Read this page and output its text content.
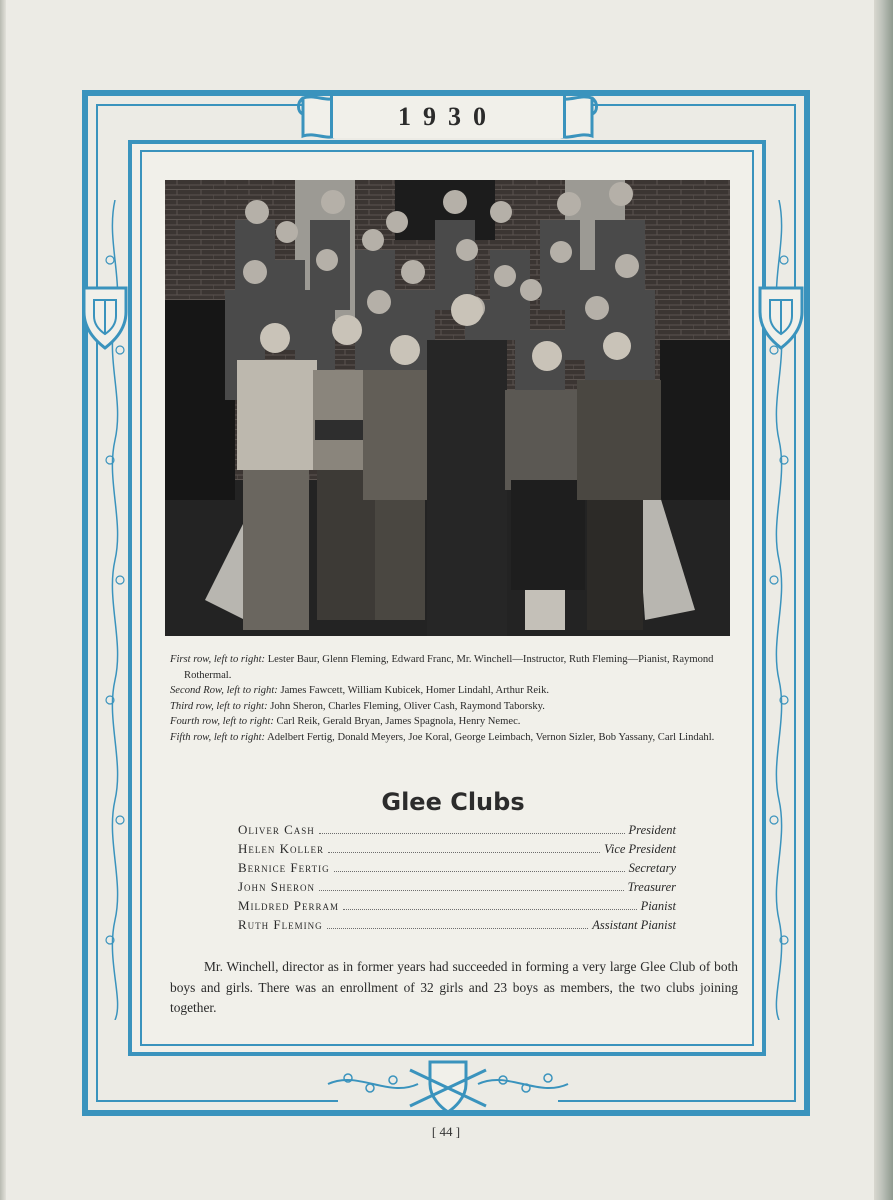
1930

First row, left to right: Lester Baur, Glenn Fleming, Edward Franc, Mr. Winchell—Instructor, Ruth Fleming—Pianist, Raymond Rothermal.

Second Row, left to right: James Fawcett, William Kubicek, Homer Lindahl, Arthur Reik.

Third row, left to right: John Sheron, Charles Fleming, Oliver Cash, Raymond Taborsky.

Fourth row, left to right: Carl Reik, Gerald Bryan, James Spagnola, Henry Nemec.

Fifth row, left to right: Adelbert Fertig, Donald Meyers, Joe Koral, George Leimbach, Vernon Sizler, Bob Yassany, Carl Lindahl.

Glee Clubs
Oliver Cash	President
Helen Koller	Vice President
Bernice Fertig	Secretary
John Sheron	Treasurer
Mildred Perram	Pianist
Ruth Fleming	Assistant Pianist

Mr. Winchell, director as in former years had succeeded in forming a very large Glee Club of both boys and girls. There was an enrollment of 32 girls and 23 boys as members, the two clubs joining together.

[ 44 ]
